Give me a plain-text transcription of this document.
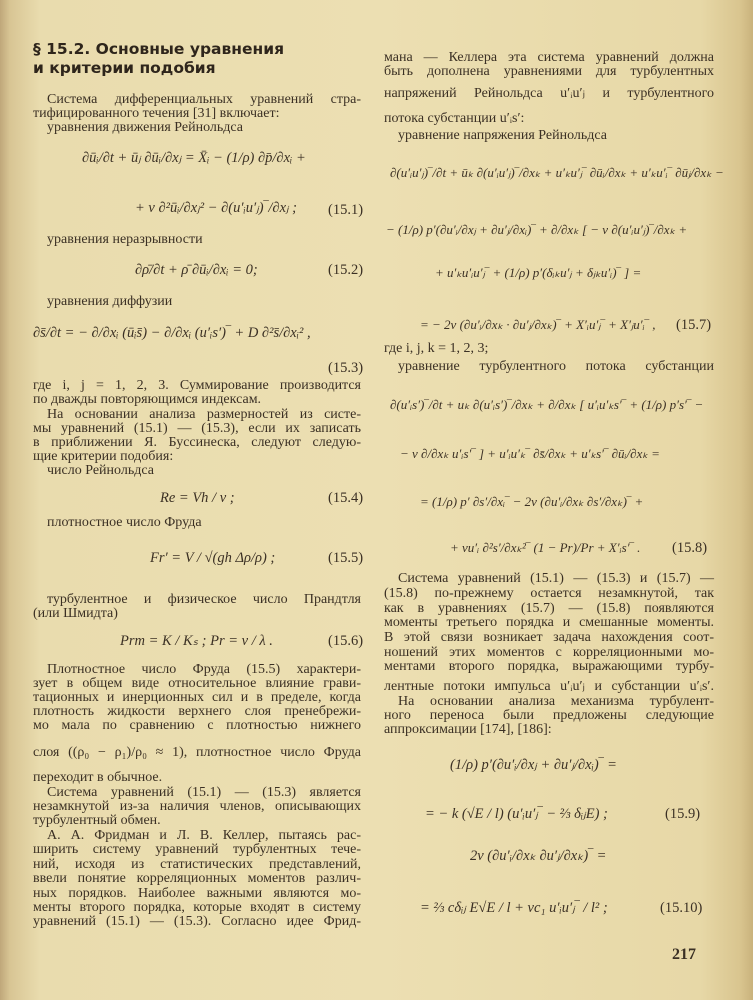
§ 15.2. Основные уравнения
и критерии подобия
Система дифференциальных уравнений стра-
тифицированного течения [31] включает:
уравнения движения Рейнольдса
∂ūᵢ/∂t + ūⱼ ∂ūᵢ/∂xⱼ = X̄ᵢ − (1/ρ) ∂p̄/∂xᵢ +
+ ν ∂²ūᵢ/∂xⱼ² − ∂(u′ᵢu′ⱼ)‾/∂xⱼ ; (15.1)
уравнения неразрывности
∂ρ̄/∂t + ρ̄ ∂ūᵢ/∂xᵢ = 0;	(15.2)
уравнения диффузии
∂s̄/∂t = − ∂/∂xᵢ (ūᵢs̄) − ∂/∂xᵢ (u′ᵢs′)‾ + D ∂²s̄/∂xᵢ² ,
(15.3)
где i, j = 1, 2, 3. Суммирование производится
по дважды повторяющимся индексам.
На основании анализа размерностей из систе-
мы уравнений (15.1) — (15.3), если их записать
в приближении Я. Буссинеска, следуют следую-
щие критерии подобия:
число Рейнольдса
Re = Vh / ν ;	(15.4)
плотностное число Фруда
Fr′ = V / √(gh Δρ/ρ) ;	(15.5)
турбулентное и физическое число Прандтля
(или Шмидта)
Prт = K / Kₛ ; Pr = ν / λ .	(15.6)
Плотностное число Фруда (15.5) характери-
зует в общем виде относительное влияние грави-
тационных и инерционных сил и в пределе, когда
плотность жидкости верхнего слоя пренебрежи-
мо мала по сравнению с плотностью нижнего
слоя ((ρ₀ − ρ₁)/ρ₀ ≈ 1), плотностное число Фруда
переходит в обычное.
Система уравнений (15.1) — (15.3) является
незамкнутой из-за наличия членов, описывающих
турбулентный обмен.
А. А. Фридман и Л. В. Келлер, пытаясь рас-
ширить систему уравнений турбулентных тече-
ний, исходя из статистических представлений,
ввели понятие корреляционных моментов различ-
ных порядков. Наиболее важными являются мо-
менты второго порядка, которые входят в систему
уравнений (15.1) — (15.3). Согласно идее Фрид-
мана — Келлера эта система уравнений должна
быть дополнена уравнениями для турбулентных
напряжений Рейнольдса u′ᵢu′ⱼ и турбулентного
потока субстанции u′ᵢs′:
уравнение напряжения Рейнольдса
∂(u′ᵢu′ⱼ)‾/∂t + ūₖ ∂(u′ᵢu′ⱼ)‾/∂xₖ + u′ₖu′ⱼ‾ ∂ūᵢ/∂xₖ + u′ₖu′ᵢ‾ ∂ūⱼ/∂xₖ −
− (1/ρ) p′(∂u′ᵢ/∂xⱼ + ∂u′ⱼ/∂xᵢ)‾ + ∂/∂xₖ [ − ν ∂(u′ᵢu′ⱼ)‾/∂xₖ +
+ u′ₖu′ᵢu′ⱼ‾ + (1/ρ) p′(δᵢₖu′ⱼ + δⱼₖu′ᵢ)‾ ] =
= − 2ν (∂u′ᵢ/∂xₖ · ∂u′ⱼ/∂xₖ)‾ + X′ᵢu′ⱼ‾ + X′ⱼu′ᵢ‾ , (15.7)
где i, j, k = 1, 2, 3;
уравнение турбулентного потока субстанции
∂(u′ᵢs′)‾/∂t + uₖ ∂(u′ᵢs′)‾/∂xₖ + ∂/∂xₖ [ u′ᵢu′ₖs′‾ + (1/ρ) p′s′‾ −
− ν ∂/∂xₖ u′ᵢs′‾ ] + u′ᵢu′ₖ‾ ∂s̄/∂xₖ + u′ₖs′‾ ∂ūᵢ/∂xₖ =
= (1/ρ) p′ ∂s′/∂xᵢ‾ − 2ν (∂u′ᵢ/∂xₖ ∂s′/∂xₖ)‾ +
+ νu′ᵢ ∂²s′/∂xₖ²‾ (1 − Pr)/Pr + X′ᵢs′‾ . (15.8)
Система уравнений (15.1) — (15.3) и (15.7) —
(15.8) по-прежнему остается незамкнутой, так
как в уравнениях (15.7) — (15.8) появляются
моменты третьего порядка и смешанные моменты.
В этой связи возникает задача нахождения соот-
ношений этих моментов с корреляционными мо-
ментами второго порядка, выражающими турбу-
лентные потоки импульса u′ᵢu′ⱼ и субстанции u′ᵢs′.
На основании анализа механизма турбулент-
ного переноса были предложены следующие
аппроксимации [174], [186]:
(1/ρ) p′(∂u′ᵢ/∂xⱼ + ∂u′ⱼ/∂xᵢ)‾ =
= − k (√E / l) (u′ᵢu′ⱼ‾ − ⅔ δᵢⱼE) ;	(15.9)
2ν (∂u′ᵢ/∂xₖ ∂u′ⱼ/∂xₖ)‾ =
= ⅔ cδᵢⱼ E√E / l + νc₁ u′ᵢu′ⱼ‾ / l² ;	(15.10)
217
